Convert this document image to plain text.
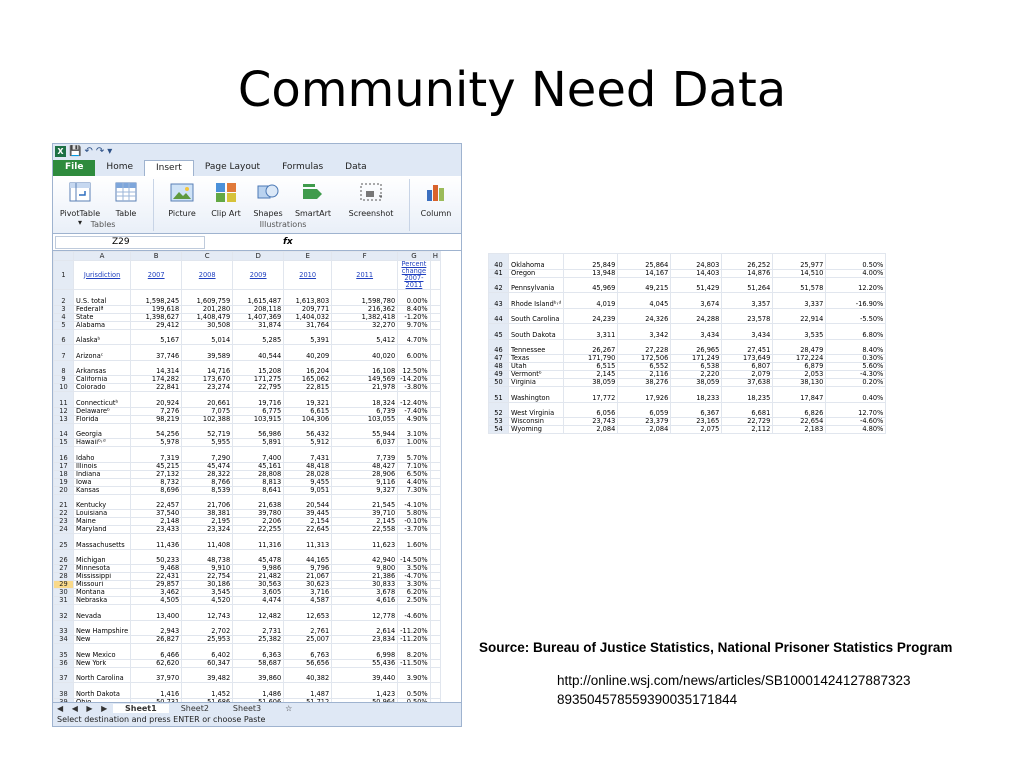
Community Need Data
X 💾 ↶ ↷ ▾
File	Home	Insert	Page Layout	Formulas	Data
PivotTable
▾
Table
Tables
Picture	Clip Art	Shapes	SmartArt	Screenshot
Illustrations
Column
Z29	fx
	A	B	C	D	E	F	G	H
1	Jurisdiction	2007	2008	2009	2010	2011	Percent change 2007-2011	
2	U.S. total	1,598,245	1,609,759	1,615,487	1,613,803	1,598,780	0.00%	
3	Federalª	199,618	201,280	208,118	209,771	216,362	8.40%	
4	State	1,398,627	1,408,479	1,407,369	1,404,032	1,382,418	-1.20%	
5	Alabama	29,412	30,508	31,874	31,764	32,270	9.70%	
6	Alaskaᵇ	5,167	5,014	5,285	5,391	5,412	4.70%	
7	Arizonaᶜ	37,746	39,589	40,544	40,209	40,020	6.00%	
8	Arkansas	14,314	14,716	15,208	16,204	16,108	12.50%	
9	California	174,282	173,670	171,275	165,062	149,569	-14.20%	
10	Colorado	22,841	23,274	22,795	22,815	21,978	-3.80%	
11	Connecticutᵇ	20,924	20,661	19,716	19,321	18,324	-12.40%	
12	Delawareᵇ	7,276	7,075	6,775	6,615	6,739	-7.40%	
13	Florida	98,219	102,388	103,915	104,306	103,055	4.90%	
14	Georgia	54,256	52,719	56,986	56,432	55,944	3.10%	
15	Hawaiiᵇ˒ᵈ	5,978	5,955	5,891	5,912	6,037	1.00%	
16	Idaho	7,319	7,290	7,400	7,431	7,739	5.70%	
17	Illinois	45,215	45,474	45,161	48,418	48,427	7.10%	
18	Indiana	27,132	28,322	28,808	28,028	28,906	6.50%	
19	Iowa	8,732	8,766	8,813	9,455	9,116	4.40%	
20	Kansas	8,696	8,539	8,641	9,051	9,327	7.30%	
21	Kentucky	22,457	21,706	21,638	20,544	21,545	-4.10%	
22	Louisiana	37,540	38,381	39,780	39,445	39,710	5.80%	
23	Maine	2,148	2,195	2,206	2,154	2,145	-0.10%	
24	Maryland	23,433	23,324	22,255	22,645	22,558	-3.70%	
25	Massachusetts	11,436	11,408	11,316	11,313	11,623	1.60%	
26	Michigan	50,233	48,738	45,478	44,165	42,940	-14.50%	
27	Minnesota	9,468	9,910	9,986	9,796	9,800	3.50%	
28	Mississippi	22,431	22,754	21,482	21,067	21,386	-4.70%	
29	Missouri	29,857	30,186	30,563	30,623	30,833	3.30%	
30	Montana	3,462	3,545	3,605	3,716	3,678	6.20%	
31	Nebraska	4,505	4,520	4,474	4,587	4,616	2.50%	
32	Nevada	13,400	12,743	12,482	12,653	12,778	-4.60%	
33	New Hampshire	2,943	2,702	2,731	2,761	2,614	-11.20%	
34	New	26,827	25,953	25,382	25,007	23,834	-11.20%	
35	New Mexico	6,466	6,402	6,363	6,763	6,998	8.20%	
36	New York	62,620	60,347	58,687	56,656	55,436	-11.50%	
37	North Carolina	37,970	39,482	39,860	40,382	39,440	3.90%	
38	North Dakota	1,416	1,452	1,486	1,487	1,423	0.50%	

◀ ◀ ▶ ▶	Sheet1	Sheet2	Sheet3	☆
Select destination and press ENTER or choose Paste
40	Oklahoma	25,849	25,864	24,803	26,252	25,977	0.50%
41	Oregon	13,948	14,167	14,403	14,876	14,510	4.00%
42	Pennsylvania	45,969	49,215	51,429	51,264	51,578	12.20%
43	Rhode Islandᵇ˒ᵈ	4,019	4,045	3,674	3,357	3,337	-16.90%
44	South Carolina	24,239	24,326	24,288	23,578	22,914	-5.50%
45	South Dakota	3,311	3,342	3,434	3,434	3,535	6.80%
46	Tennessee	26,267	27,228	26,965	27,451	28,479	8.40%
47	Texas	171,790	172,506	171,249	173,649	172,224	0.30%
48	Utah	6,515	6,552	6,538	6,807	6,879	5.60%
49	Vermontᵇ	2,145	2,116	2,220	2,079	2,053	-4.30%
50	Virginia	38,059	38,276	38,059	37,638	38,130	0.20%
51	Washington	17,772	17,926	18,233	18,235	17,847	0.40%
52	West Virginia	6,056	6,059	6,367	6,681	6,826	12.70%
53	Wisconsin	23,743	23,379	23,165	22,729	22,654	-4.60%
54	Wyoming	2,084	2,084	2,075	2,112	2,183	4.80%
Source: Bureau of Justice Statistics, National Prisoner Statistics Program
http://online.wsj.com/news/articles/SB10001424127887323
893504578559390035171844
